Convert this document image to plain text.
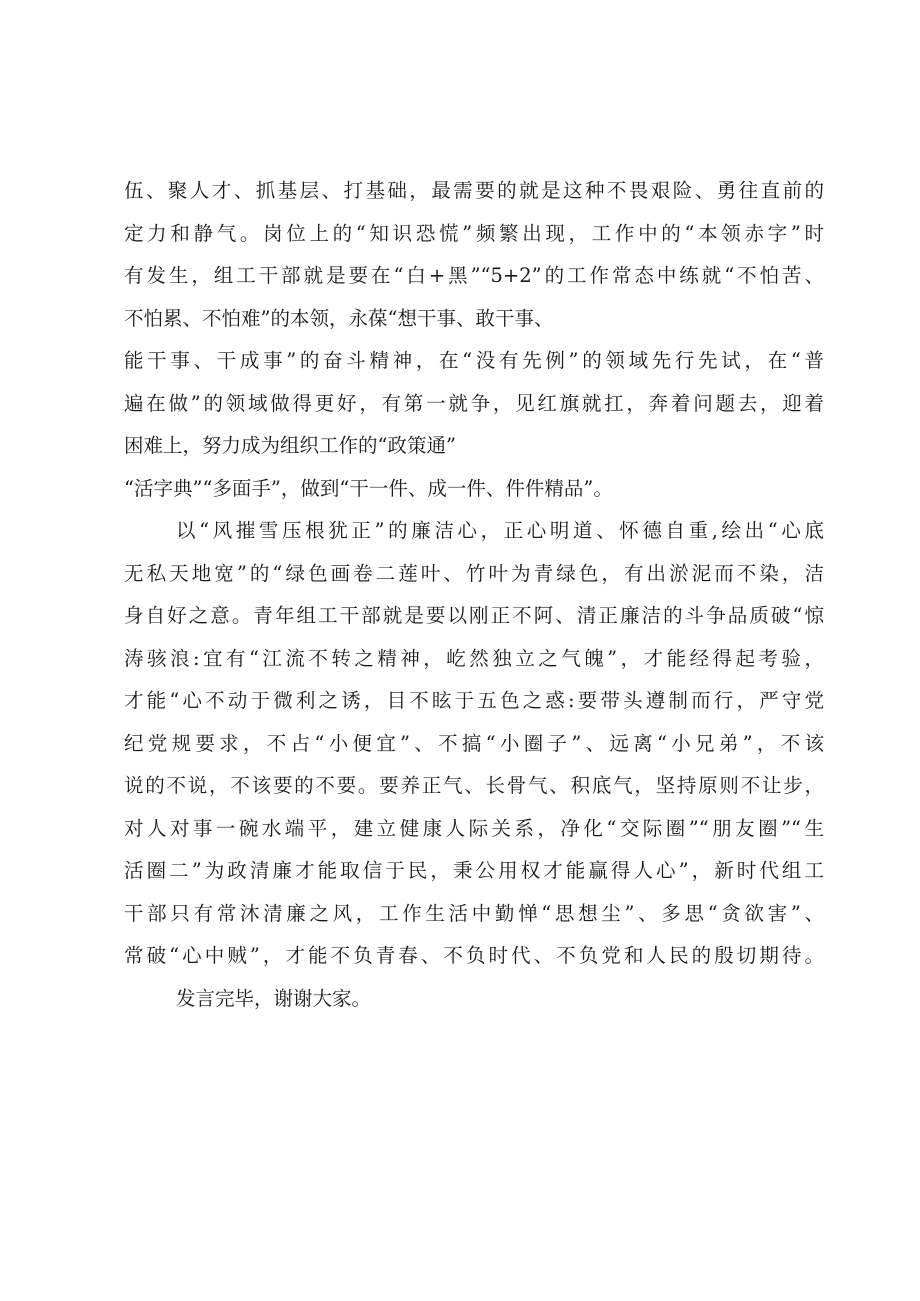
伍、聚人才、抓基层、打基础，最需要的就是这种不畏艰险、勇往直前的
定力和静气。岗位上的“知识恐慌”频繁出现，工作中的“本领赤字”时
有发生，组工干部就是要在“白+黑”“5+2”的工作常态中练就“不怕苦、
不怕累、不怕难”的本领，永葆“想干事、敢干事、
能干事、干成事”的奋斗精神，在“没有先例”的领域先行先试，在“普
遍在做”的领域做得更好，有第一就争，见红旗就扛，奔着问题去，迎着
困难上，努力成为组织工作的“政策通”
“活字典”“多面手”，做到“干一件、成一件、件件精品”。
以“风摧雪压根犹正”的廉洁心，正心明道、怀德自重,绘出“心底
无私天地宽”的“绿色画卷二莲叶、竹叶为青绿色，有出淤泥而不染，洁
身自好之意。青年组工干部就是要以刚正不阿、清正廉洁的斗争品质破“惊
涛骇浪:宜有“江流不转之精神，屹然独立之气魄”，才能经得起考验，
才能“心不动于微利之诱，目不眩于五色之惑:要带头遵制而行，严守党
纪党规要求，不占“小便宜”、不搞“小圈子”、远离“小兄弟”，不该
说的不说，不该要的不要。要养正气、长骨气、积底气，坚持原则不让步，
对人对事一碗水端平，建立健康人际关系，净化“交际圈”“朋友圈”“生
活圈二”为政清廉才能取信于民，秉公用权才能赢得人心”，新时代组工
干部只有常沐清廉之风，工作生活中勤惮“思想尘”、多思“贪欲害”、
常破“心中贼”，才能不负青春、不负时代、不负党和人民的殷切期待。
发言完毕，谢谢大家。
